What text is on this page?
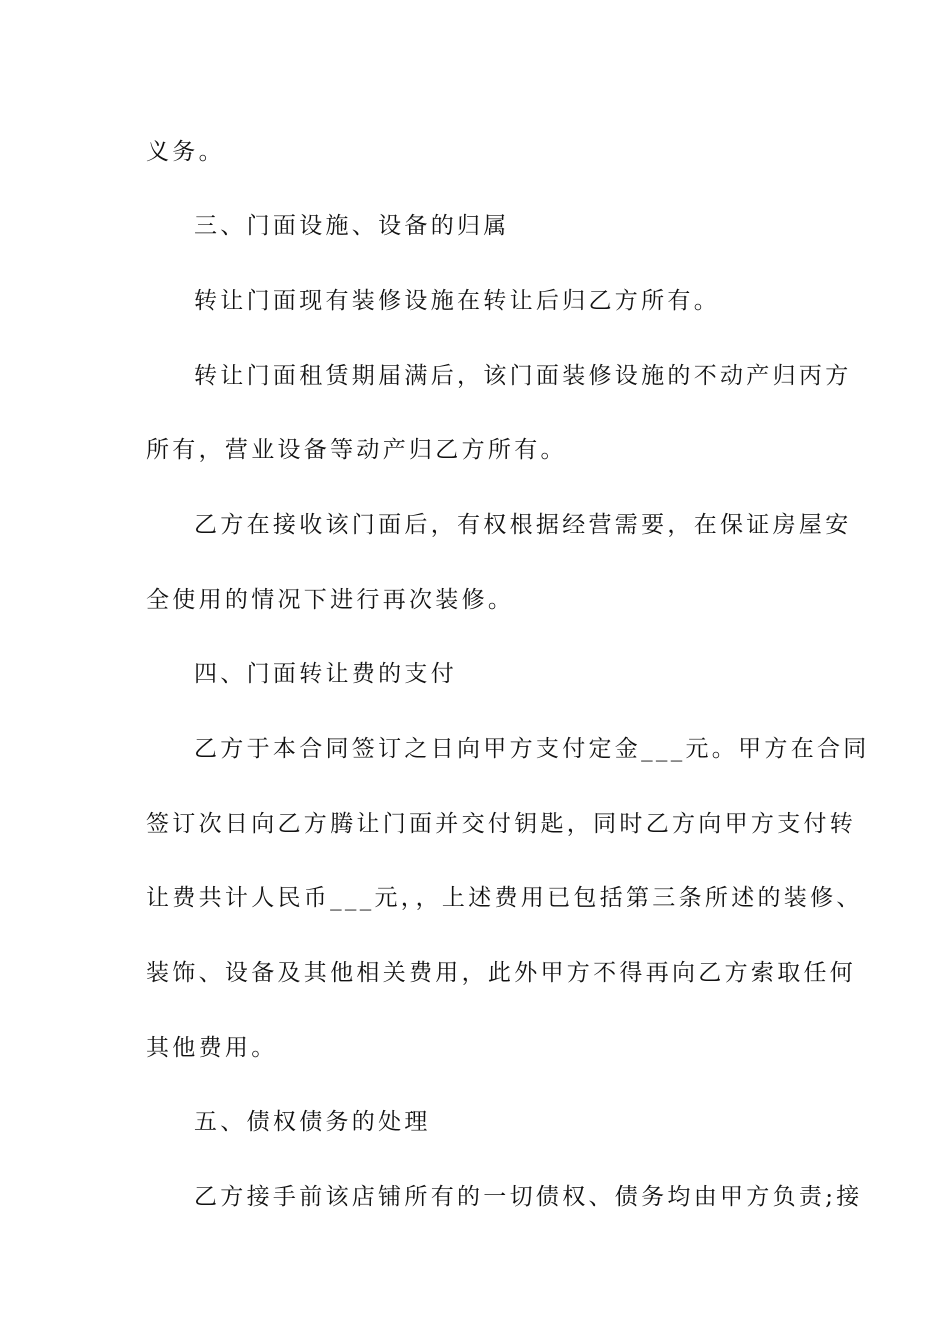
义务。
三、门面设施、设备的归属
转让门面现有装修设施在转让后归乙方所有。
转让门面租赁期届满后，该门面装修设施的不动产归丙方
所有，营业设备等动产归乙方所有。
乙方在接收该门面后，有权根据经营需要，在保证房屋安
全使用的情况下进行再次装修。
四、门面转让费的支付
乙方于本合同签订之日向甲方支付定金___元。甲方在合同
签订次日向乙方腾让门面并交付钥匙，同时乙方向甲方支付转
让费共计人民币___元，，上述费用已包括第三条所述的装修、
装饰、设备及其他相关费用，此外甲方不得再向乙方索取任何
其他费用。
五、债权债务的处理
乙方接手前该店铺所有的一切债权、债务均由甲方负责;接
